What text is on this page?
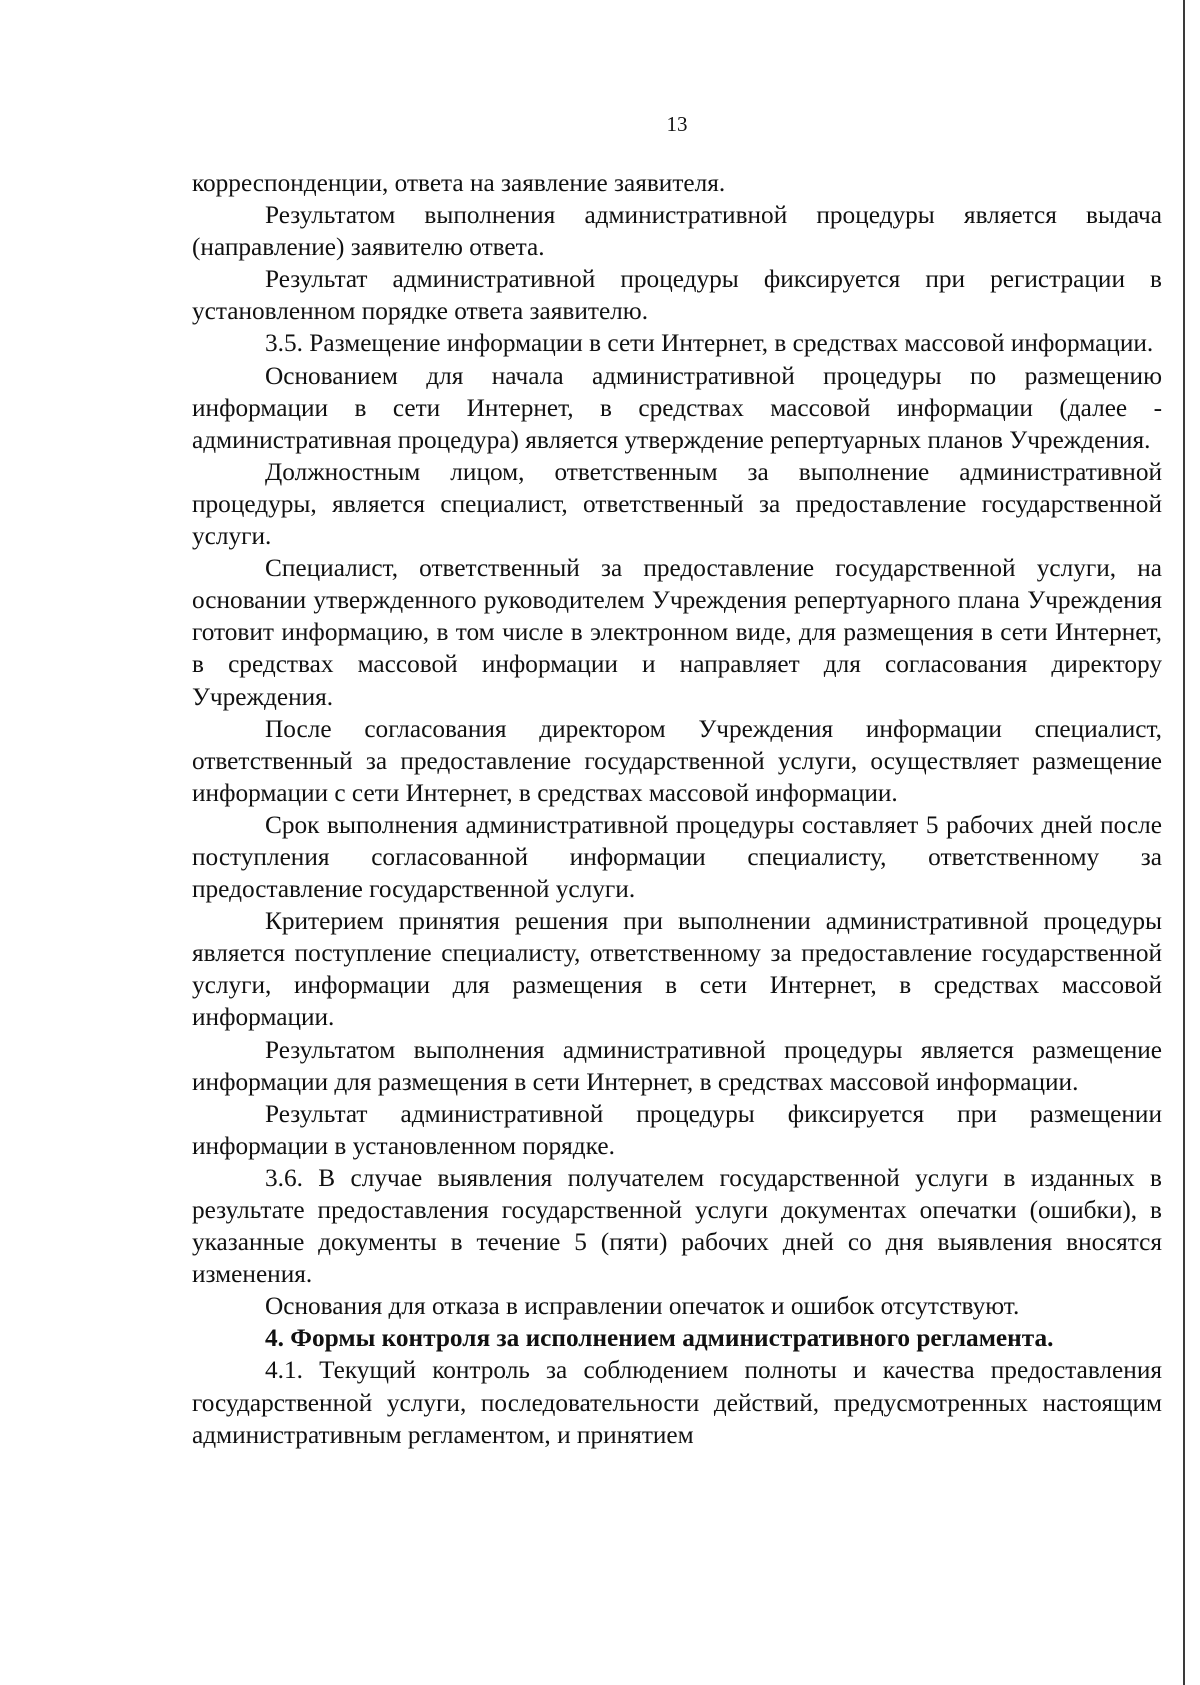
13

корреспонденции, ответа на заявление заявителя.

Результатом выполнения административной процедуры является выдача (направление) заявителю ответа.

Результат административной процедуры фиксируется при регистрации в установленном порядке ответа заявителю.

3.5. Размещение информации в сети Интернет, в средствах массовой информации.

Основанием для начала административной процедуры по размещению информации в сети Интернет, в средствах массовой информации (далее - административная процедура) является утверждение репертуарных планов Учреждения.

Должностным лицом, ответственным за выполнение административной процедуры, является специалист, ответственный за предоставление государственной услуги.

Специалист, ответственный за предоставление государственной услуги, на основании утвержденного руководителем Учреждения репертуарного плана Учреждения готовит информацию, в том числе в электронном виде, для размещения в сети Интернет, в средствах массовой информации и направляет для согласования директору Учреждения.

После согласования директором Учреждения информации специалист, ответственный за предоставление государственной услуги, осуществляет размещение информации с сети Интернет, в средствах массовой информации.

Срок выполнения административной процедуры составляет 5 рабочих дней после поступления согласованной информации специалисту, ответственному за предоставление государственной услуги.

Критерием принятия решения при выполнении административной процедуры является поступление специалисту, ответственному за предоставление государственной услуги, информации для размещения в сети Интернет, в средствах массовой информации.

Результатом выполнения административной процедуры является размещение информации для размещения в сети Интернет, в средствах массовой информации.

Результат административной процедуры фиксируется при размещении информации в установленном порядке.

3.6. В случае выявления получателем государственной услуги в изданных в результате предоставления государственной услуги документах опечатки (ошибки), в указанные документы в течение 5 (пяти) рабочих дней со дня выявления вносятся изменения.

Основания для отказа в исправлении опечаток и ошибок отсутствуют.

4. Формы контроля за исполнением административного регламента.

4.1. Текущий контроль за соблюдением полноты и качества предоставления государственной услуги, последовательности действий, предусмотренных настоящим административным регламентом, и принятием
